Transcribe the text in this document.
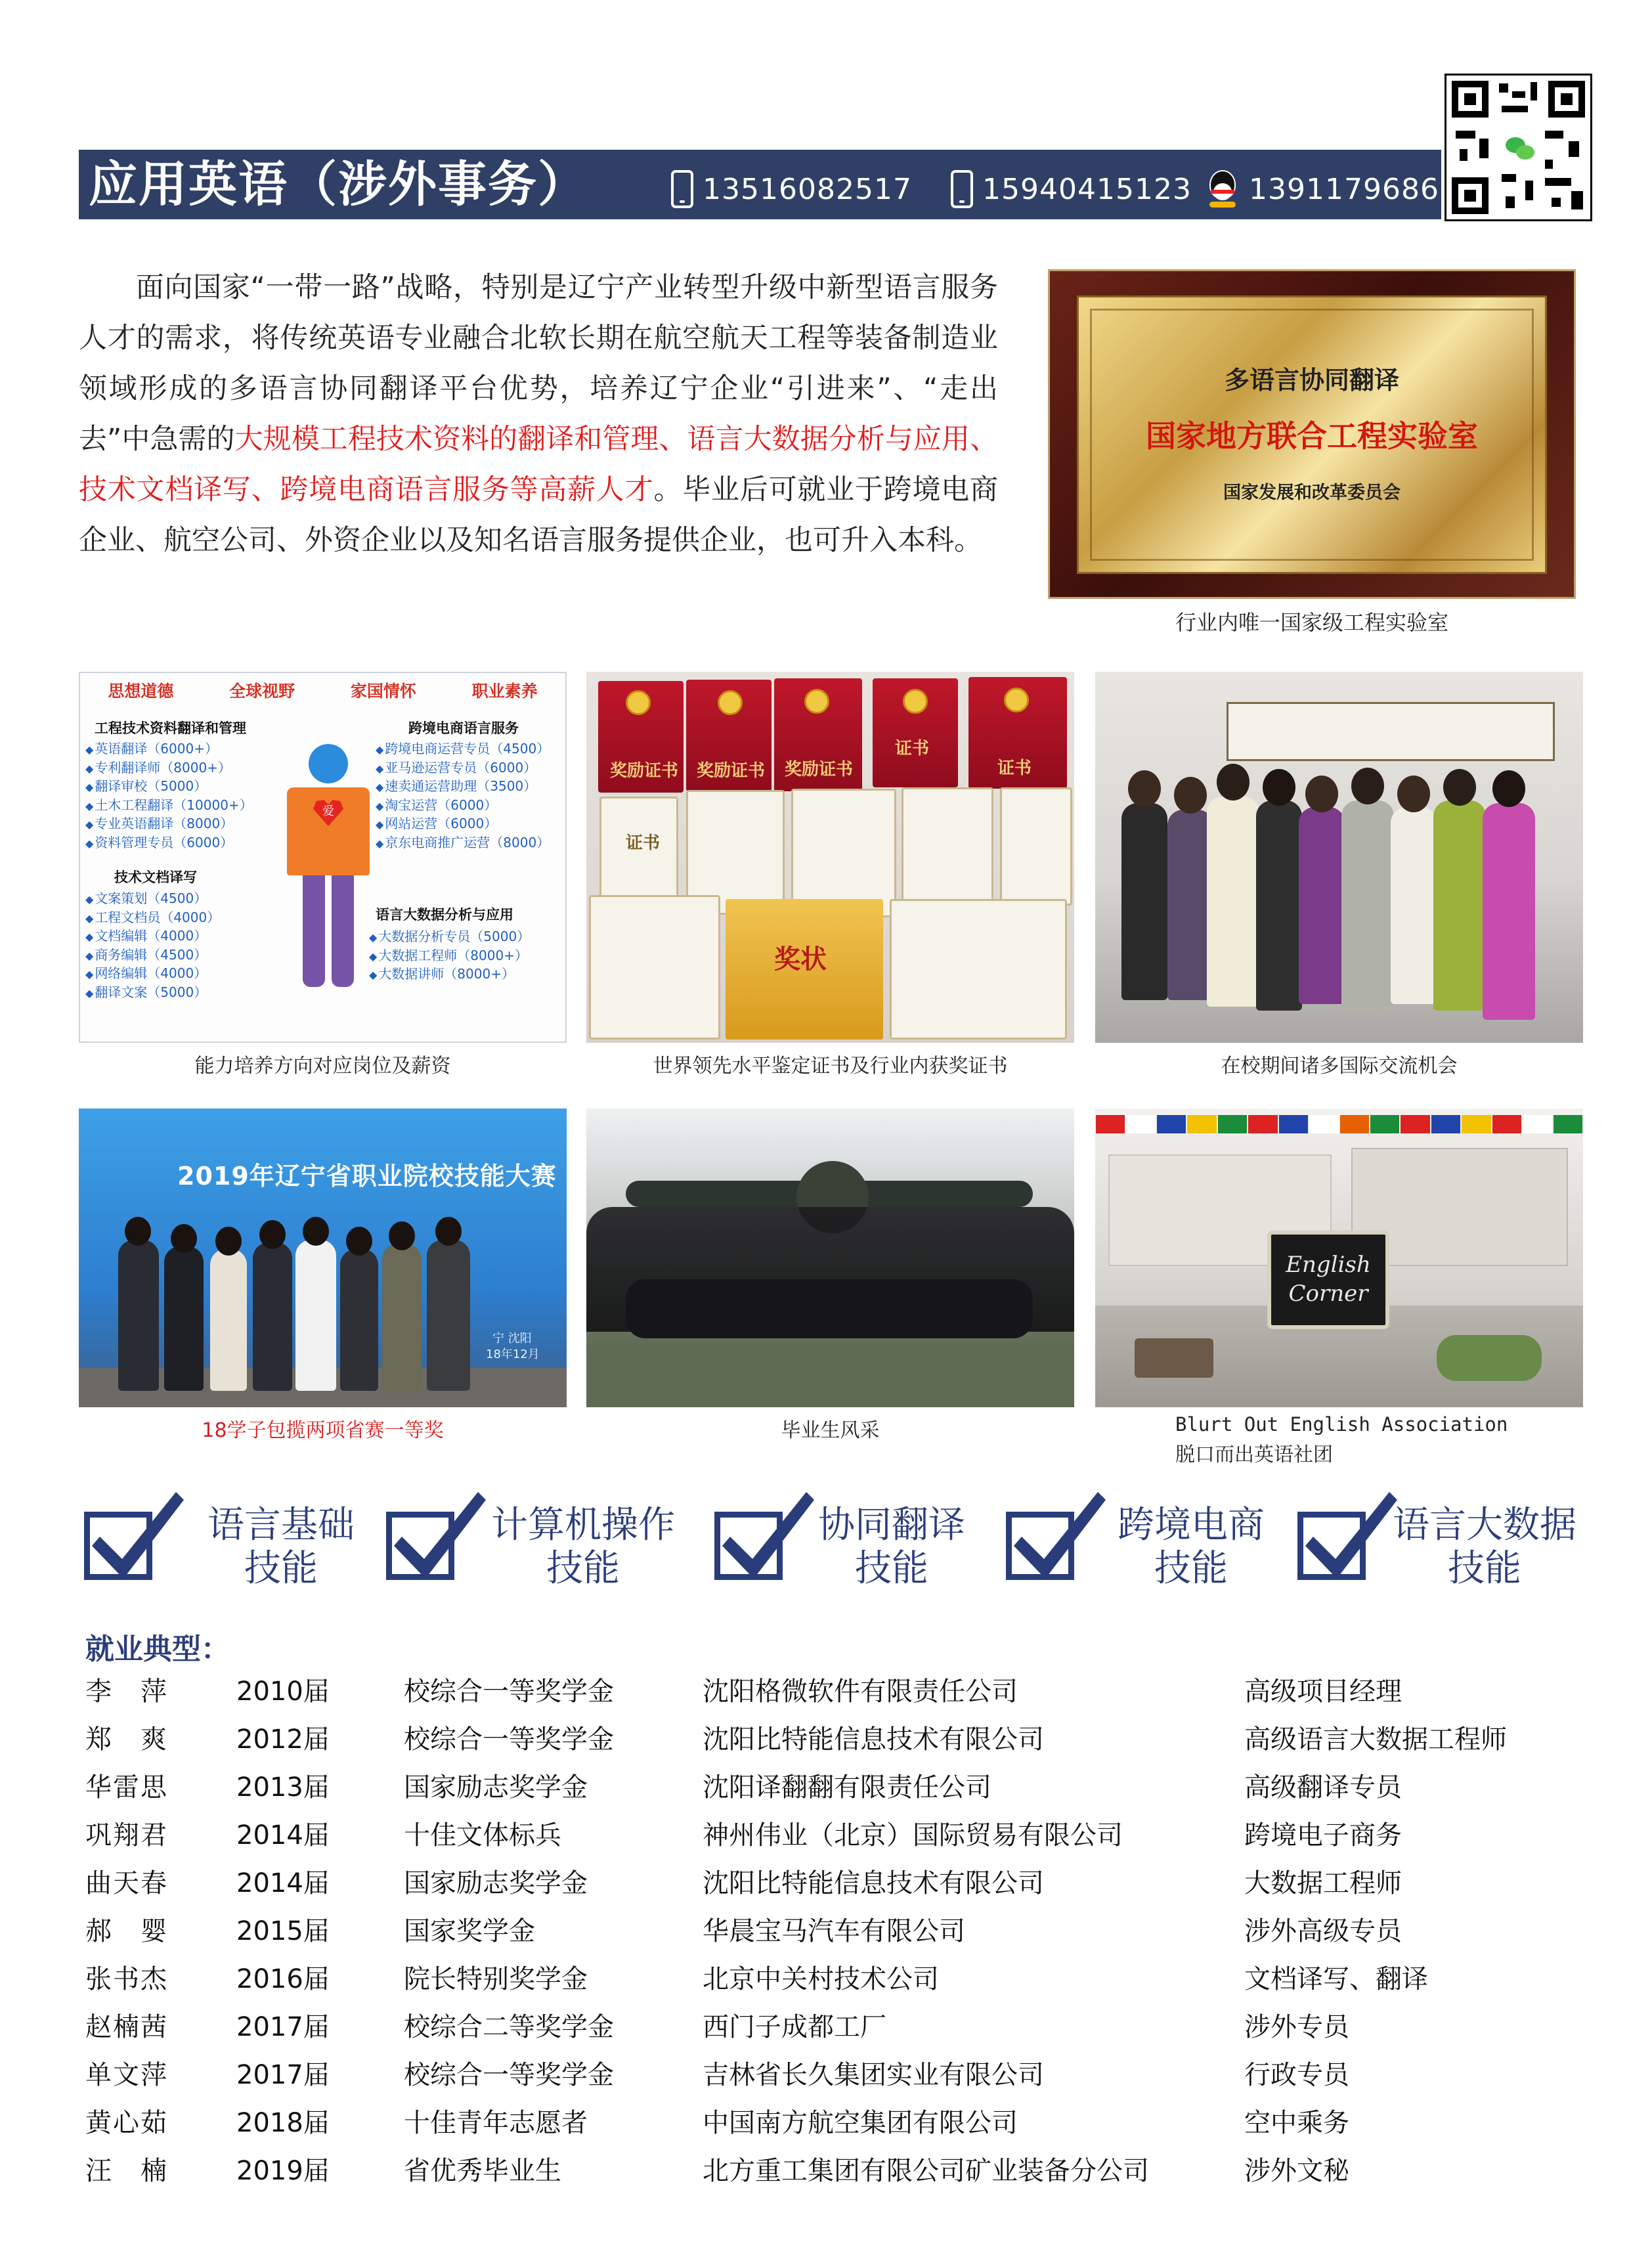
应用英语（涉外事务）	13516082517 15940415123 1391179686

面向国家“一带一路”战略，特别是辽宁产业转型升级中新型语言服务人才的需求，将传统英语专业融合北软长期在航空航天工程等装备制造业领域形成的多语言协同翻译平台优势，培养辽宁企业“引进来”、“走出去”中急需的大规模工程技术资料的翻译和管理、语言大数据分析与应用、技术文档译写、跨境电商语言服务等高薪人才。毕业后可就业于跨境电商企业、航空公司、外资企业以及知名语言服务提供企业，也可升入本科。

多语言协同翻译
国家地方联合工程实验室
国家发展和改革委员会
行业内唯一国家级工程实验室
思想道德	全球视野	家国情怀	职业素养
工程技术资料翻译和管理
◆ 英语翻译（6000+）
◆ 专利翻译师（8000+）
◆ 翻译审校（5000）
◆ 土木工程翻译（10000+）
◆ 专业英语翻译（8000）
◆ 资料管理专员（6000）
跨境电商语言服务
◆ 跨境电商运营专员（4500）
◆ 亚马逊运营专员（6000）
◆ 速卖通运营助理（3500）
◆ 淘宝运营（6000）
◆ 网站运营（6000）
◆ 京东电商推广运营（8000）
技术文档译写
◆ 文案策划（4500）
◆ 工程文档员（4000）
◆ 文档编辑（4000）
◆ 商务编辑（4500）
◆ 网络编辑（4000）
◆ 翻译文案（5000）
语言大数据分析与应用
◆ 大数据分析专员（5000）
◆ 大数据工程师（8000+）
◆ 大数据讲师（8000+）
爱
能力培养方向对应岗位及薪资
奖励证书 奖励证书 奖励证书
证书
证书
证书
奖状
世界领先水平鉴定证书及行业内获奖证书	在校期间诸多国际交流机会
2019年辽宁省职业院校技能大赛
宁 沈阳
18年12月
18学子包揽两项省赛一等奖	毕业生风采
English
Corner
Blurt Out English Association
脱口而出英语社团
语言基础
技能
计算机操作
技能
协同翻译
技能
跨境电商
技能
语言大数据
技能
就业典型：
李　萍	2010届	校综合一等奖学金	沈阳格微软件有限责任公司	高级项目经理
郑　爽	2012届	校综合一等奖学金	沈阳比特能信息技术有限公司	高级语言大数据工程师
华雷思	2013届	国家励志奖学金	沈阳译翻翻有限责任公司	高级翻译专员
巩翔君	2014届	十佳文体标兵	神州伟业（北京）国际贸易有限公司	跨境电子商务
曲天春	2014届	国家励志奖学金	沈阳比特能信息技术有限公司	大数据工程师
郝　婴	2015届	国家奖学金	华晨宝马汽车有限公司	涉外高级专员
张书杰	2016届	院长特别奖学金	北京中关村技术公司	文档译写、翻译
赵楠茜	2017届	校综合二等奖学金	西门子成都工厂	涉外专员
单文萍	2017届	校综合一等奖学金	吉林省长久集团实业有限公司	行政专员
黄心茹	2018届	十佳青年志愿者	中国南方航空集团有限公司	空中乘务
汪　楠	2019届	省优秀毕业生	北方重工集团有限公司矿业装备分公司	涉外文秘
